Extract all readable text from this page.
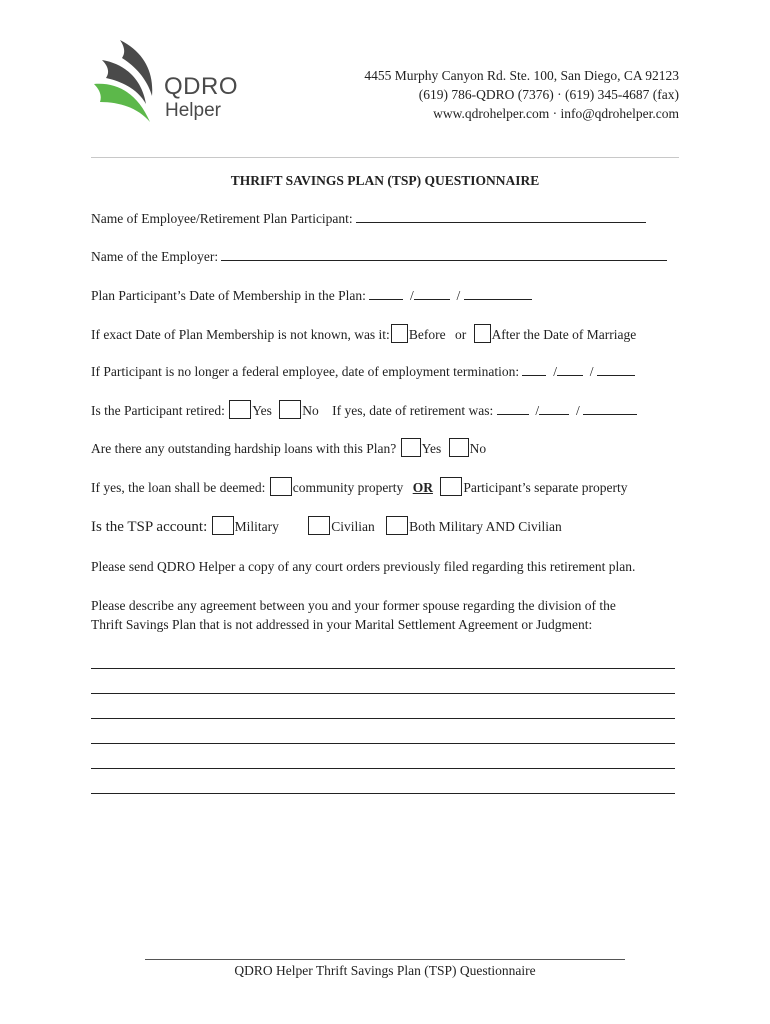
QDRO
Helper
4455 Murphy Canyon Rd. Ste. 100, San Diego, CA 92123
(619) 786-QDRO (7376) · (619) 345-4687 (fax)
www.qdrohelper.com · info@qdrohelper.com
THRIFT SAVINGS PLAN (TSP) QUESTIONNAIRE
Name of Employee/Retirement Plan Participant:
Name of the Employer:
Plan Participant’s Date of Membership in the Plan:	/	/
If exact Date of Plan Membership is not known, was it: Before or After the Date of Marriage
If Participant is no longer a federal employee, date of employment termination:   /  /
Is the Participant retired: Yes No If yes, date of retirement was:	/  /
Are there any outstanding hardship loans with this Plan? Yes No
If yes, the loan shall be deemed: community property OR Participant’s separate property
Is the TSP account: Military	Civilian	Both Military AND Civilian
Please send QDRO Helper a copy of any court orders previously filed regarding this retirement plan.
Please describe any agreement between you and your former spouse regarding the division of the
Thrift Savings Plan that is not addressed in your Marital Settlement Agreement or Judgment:
QDRO Helper Thrift Savings Plan (TSP) Questionnaire
